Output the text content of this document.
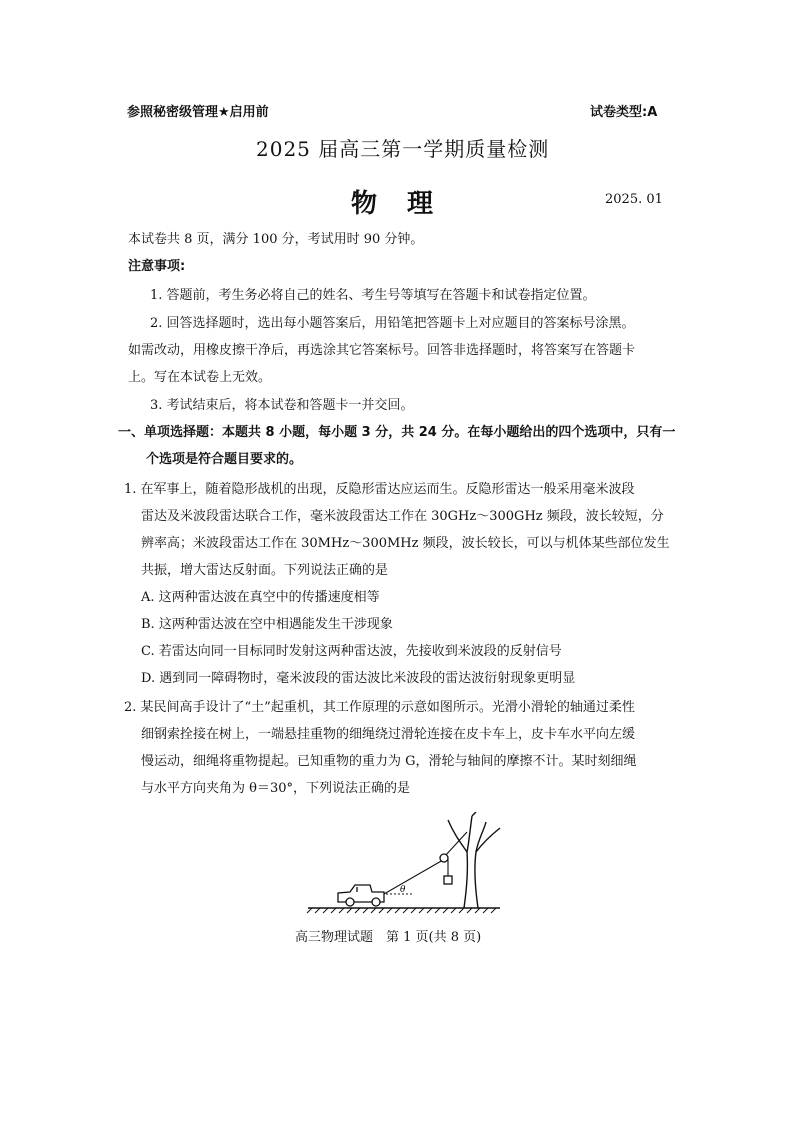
参照秘密级管理★启用前	试卷类型:A
2025 届高三第一学期质量检测
物　理	2025. 01
本试卷共 8 页，满分 100 分，考试用时 90 分钟。
注意事项:
1. 答题前，考生务必将自己的姓名、考生号等填写在答题卡和试卷指定位置。
2. 回答选择题时，选出每小题答案后，用铅笔把答题卡上对应题目的答案标号涂黑。
如需改动，用橡皮擦干净后，再选涂其它答案标号。回答非选择题时，将答案写在答题卡
上。写在本试卷上无效。
3. 考试结束后，将本试卷和答题卡一并交回。
一、单项选择题：本题共 8 小题，每小题 3 分，共 24 分。在每小题给出的四个选项中，只有一
个选项是符合题目要求的。
1. 在军事上，随着隐形战机的出现，反隐形雷达应运而生。反隐形雷达一般采用毫米波段
雷达及米波段雷达联合工作，毫米波段雷达工作在 30GHz～300GHz 频段，波长较短，分
辨率高；米波段雷达工作在 30MHz～300MHz 频段，波长较长，可以与机体某些部位发生
共振，增大雷达反射面。下列说法正确的是
A. 这两种雷达波在真空中的传播速度相等
B. 这两种雷达波在空中相遇能发生干涉现象
C. 若雷达向同一目标同时发射这两种雷达波，先接收到米波段的反射信号
D. 遇到同一障碍物时，毫米波段的雷达波比米波段的雷达波衍射现象更明显
2. 某民间高手设计了“土”起重机，其工作原理的示意如图所示。光滑小滑轮的轴通过柔性
细钢索拴接在树上，一端悬挂重物的细绳绕过滑轮连接在皮卡车上，皮卡车水平向左缓
慢运动，细绳将重物提起。已知重物的重力为 G，滑轮与轴间的摩擦不计。某时刻细绳
与水平方向夹角为 θ＝30°，下列说法正确的是
θ
高三物理试题　第 1 页(共 8 页)
